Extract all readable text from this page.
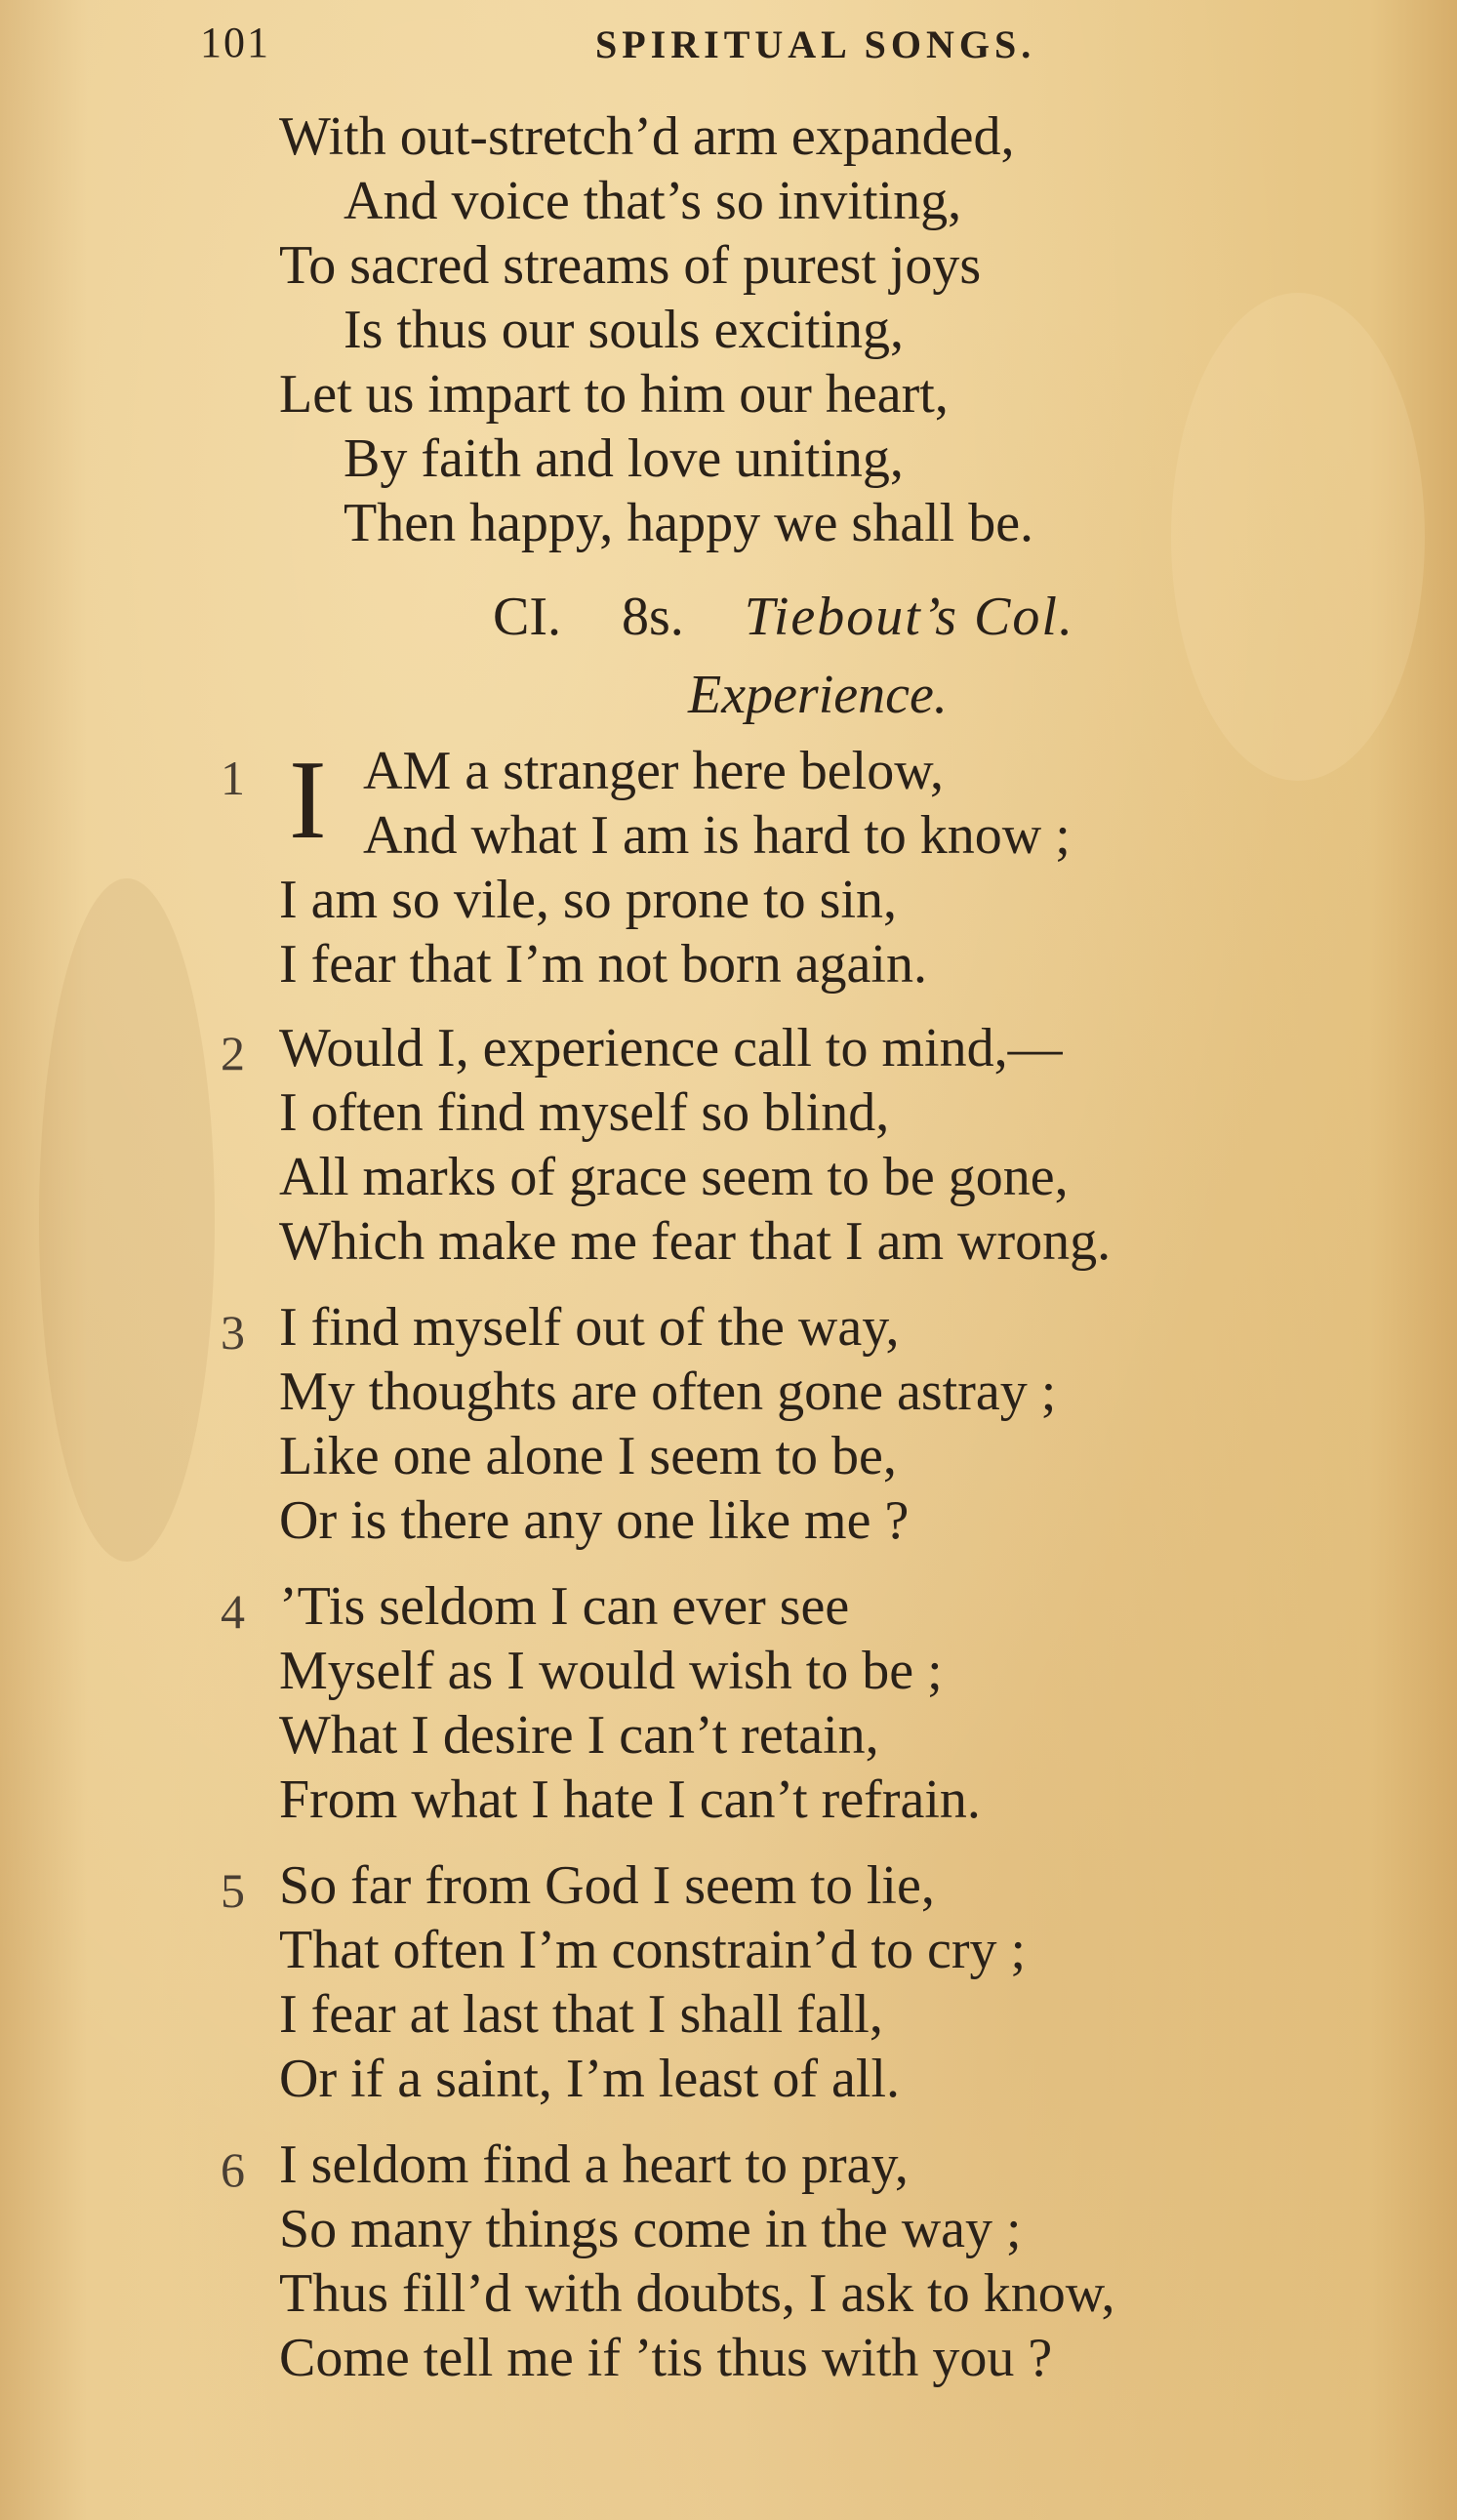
101	SPIRITUAL SONGS.
With out-stretch’d arm expanded,
And voice that’s so inviting,
To sacred streams of purest joys
Is thus our souls exciting,
Let us impart to him our heart,
By faith and love uniting,
Then happy, happy we shall be.
CI. 8s. Tiebout’s Col.
Experience.
1 I AM a stranger here below,
And what I am is hard to know ;
I am so vile, so prone to sin,
I fear that I’m not born again.
2 Would I, experience call to mind,—
I often find myself so blind,
All marks of grace seem to be gone,
Which make me fear that I am wrong.
3 I find myself out of the way,
My thoughts are often gone astray ;
Like one alone I seem to be,
Or is there any one like me ?
4 ’Tis seldom I can ever see
Myself as I would wish to be ;
What I desire I can’t retain,
From what I hate I can’t refrain.
5 So far from God I seem to lie,
That often I’m constrain’d to cry ;
I fear at last that I shall fall,
Or if a saint, I’m least of all.
6 I seldom find a heart to pray,
So many things come in the way ;
Thus fill’d with doubts, I ask to know,
Come tell me if ’tis thus with you ?
